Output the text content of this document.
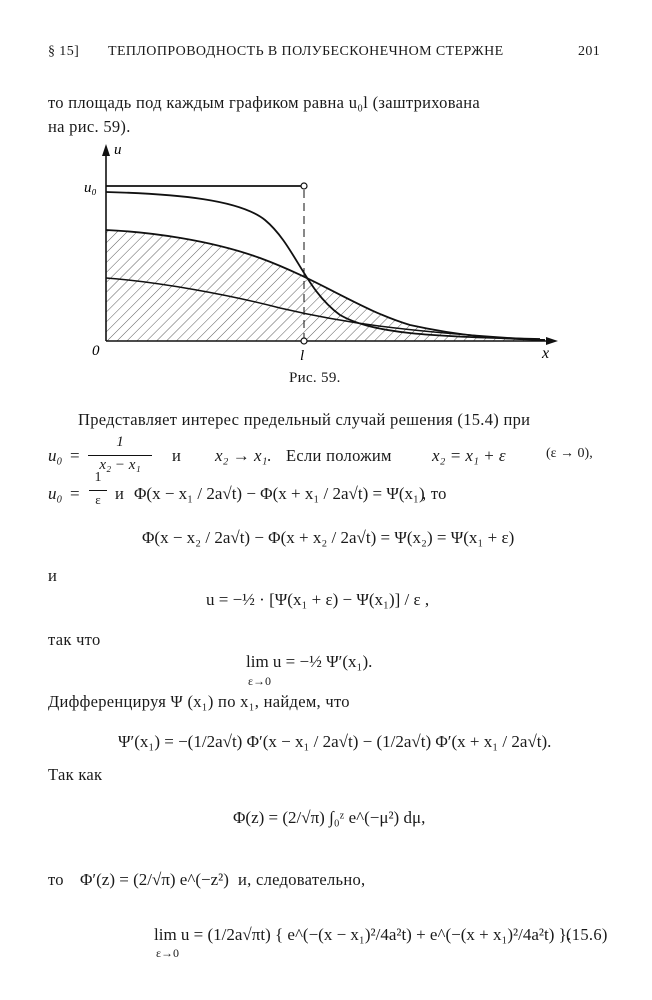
§ 15] ТЕПЛОПРОВОДНОСТЬ В ПОЛУБЕСКОНЕЧНОМ СТЕРЖНЕ	201
то площадь под каждым графиком равна u₀l (заштрихована
на рис. 59).
u
x
0
u₀
l
Рис. 59.
Представляет интерес предельный случай решения (15.4) при
u₀ =
1
x₂ − x₁	и x₂ → x₁. Если положим x₂ = x₁ + ε	(ε → 0),
u₀ =
1
ε и Φ(x − x₁ / 2a√t) − Φ(x + x₁ / 2a√t) = Ψ(x₁)
, то
Φ(x − x₂ / 2a√t) − Φ(x + x₂ / 2a√t) = Ψ(x₂) = Ψ(x₁ + ε)
и
u = −½ · [Ψ(x₁ + ε) − Ψ(x₁)] / ε ,
так что
lim u = −½ Ψ′(x₁).
ε→0
Дифференцируя Ψ (x₁) по x₁, найдем, что
Ψ′(x₁) = −(1/2a√t) Φ′(x − x₁ / 2a√t) − (1/2a√t) Φ′(x + x₁ / 2a√t).
Так как
Φ(z) = (2/√π) ∫₀ᶻ e^(−μ²) dμ,
то Φ′(z) = (2/√π) e^(−z²) и, следовательно,
lim u = (1/2a√πt) { e^(−(x − x₁)²/4a²t) + e^(−(x + x₁)²/4a²t) }.
ε→0
(15.6)
